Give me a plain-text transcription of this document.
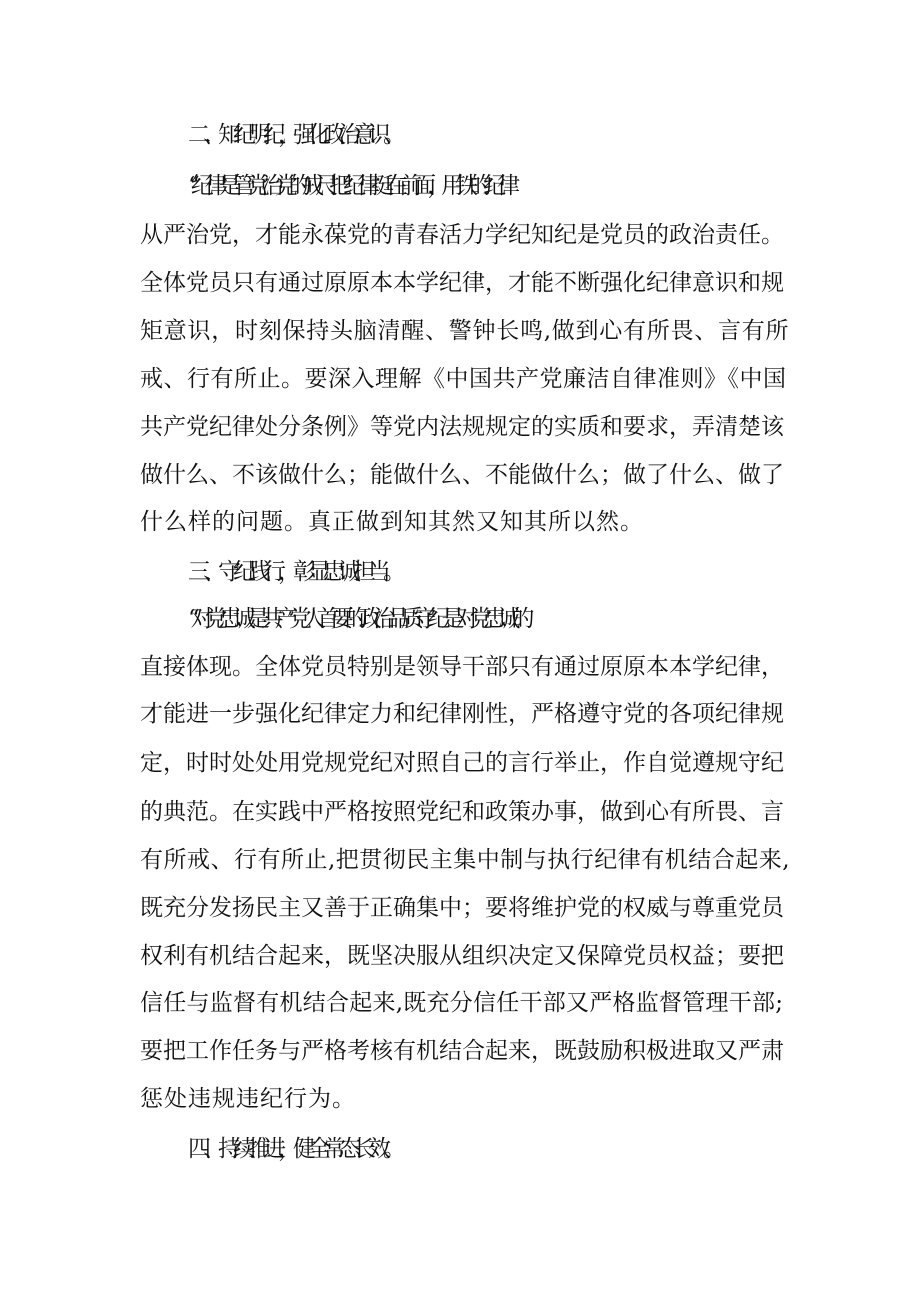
二、知纪明纪，强化政治意识。
“纪律是管党治党的‘戒尺把纪律挺在前面，用铁的纪律
从严治党，才能永葆党的青春活力学纪知纪是党员的政治责任。
全体党员只有通过原原本本学纪律，才能不断强化纪律意识和规
矩意识，时刻保持头脑清醒、警钟长鸣,做到心有所畏、言有所
戒、行有所止。要深入理解《中国共产党廉洁自律准则》《中国
共产党纪律处分条例》等党内法规规定的实质和要求，弄清楚该
做什么、不该做什么；能做什么、不能做什么；做了什么、做了
什么样的问题。真正做到知其然又知其所以然。
三、守纪践行，彰显忠诚担当。
“对党忠诚是共产党人首要的政治品质:守纪是对党忠诚的
直接体现。全体党员特别是领导干部只有通过原原本本学纪律，
才能进一步强化纪律定力和纪律刚性，严格遵守党的各项纪律规
定，时时处处用党规党纪对照自己的言行举止，作自觉遵规守纪
的典范。在实践中严格按照党纪和政策办事，做到心有所畏、言
有所戒、行有所止,把贯彻民主集中制与执行纪律有机结合起来,
既充分发扬民主又善于正确集中；要将维护党的权威与尊重党员
权利有机结合起来，既坚决服从组织决定又保障党员权益；要把
信任与监督有机结合起来,既充分信任干部又严格监督管理干部;
要把工作任务与严格考核有机结合起来，既鼓励积极进取又严肃
惩处违规违纪行为。
四、持续推进，健全常态长效。
